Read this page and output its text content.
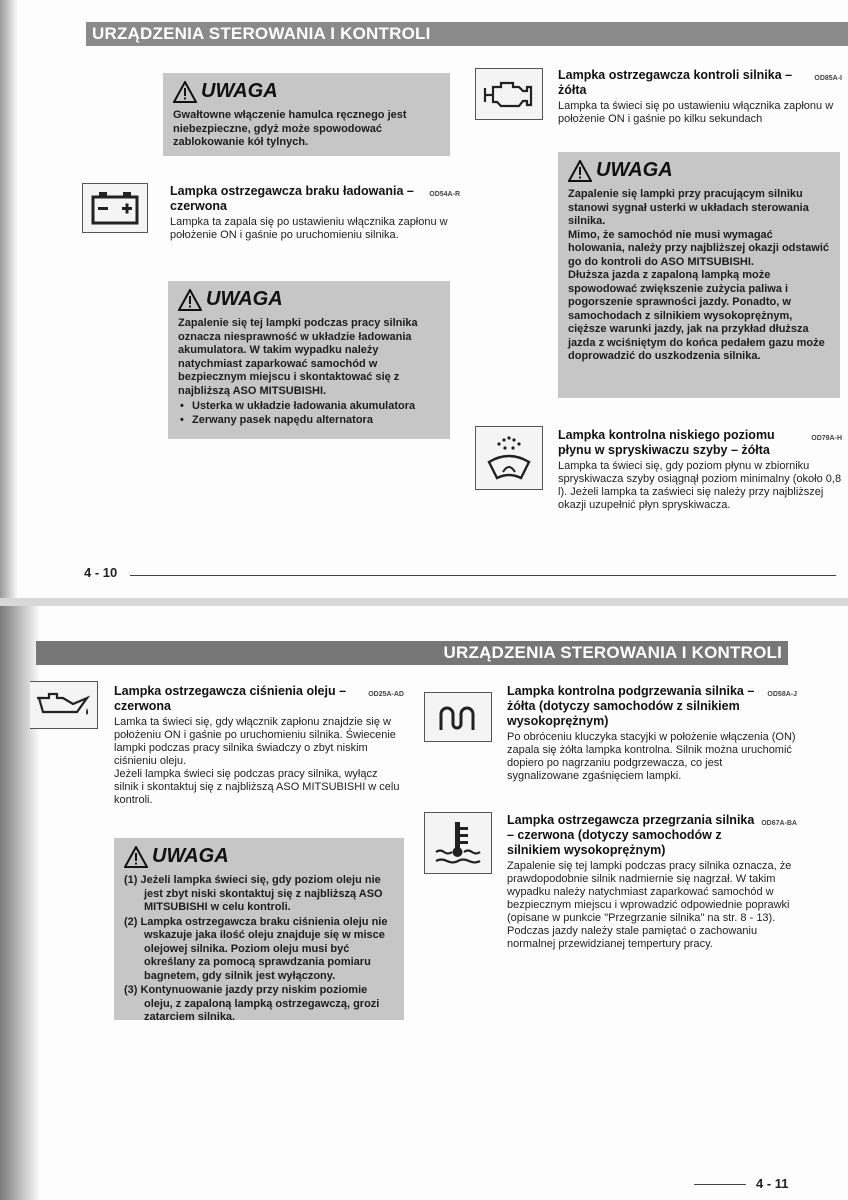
URZĄDZENIA STEROWANIA I KONTROLI
UWAGA
Gwałtowne włączenie hamulca ręcznego jest niebezpieczne, gdyż może spowodować zablokowanie kół tylnych.
OD54A-R
Lampka ostrzegawcza braku ładowania – czerwona

Lampka ta zapala się po ustawieniu włącznika zapłonu w położenie ON i gaśnie po uruchomieniu silnika.

UWAGA
Zapalenie się tej lampki podczas pracy silnika oznacza niesprawność w układzie ładowania akumulatora. W takim wypadku należy natychmiast zaparkować samochód w bezpiecznym miejscu i skontaktować się z najbliższą ASO MITSUBISHI.
• Usterka w układzie ładowania akumulatora
• Zerwany pasek napędu alternatora
OD85A-I
Lampka ostrzegawcza kontroli silnika – żółta

Lampka ta świeci się po ustawieniu włącznika zapłonu w położenie ON i gaśnie po kilku sekundach

UWAGA
Zapalenie się lampki przy pracującym silniku stanowi sygnał usterki w układach sterowania silnika.
Mimo, że samochód nie musi wymagać holowania, należy przy najbliższej okazji odstawić go do kontroli do ASO MITSUBISHI.
Dłuższa jazda z zapaloną lampką może spowodować zwiększenie zużycia paliwa i pogorszenie sprawności jazdy. Ponadto, w samochodach z silnikiem wysokoprężnym, cięższe warunki jazdy, jak na przykład dłuższa jazda z wciśniętym do końca pedałem gazu może doprowadzić do uszkodzenia silnika.
OD79A-H
Lampka kontrolna niskiego poziomu płynu w spryskiwaczu szyby – żółta

Lampka ta świeci się, gdy poziom płynu w zbiorniku spryskiwacza szyby osiągnął poziom minimalny (około 0,8 l). Jeżeli lampka ta zaświeci się należy przy najbliższej okazji uzupełnić płyn spryskiwacza.

4 - 10
URZĄDZENIA STEROWANIA I KONTROLI
OD25A-AD
Lampka ostrzegawcza ciśnienia oleju – czerwona

Lamka ta świeci się, gdy włącznik zapłonu znajdzie się w położeniu ON i gaśnie po uruchomieniu silnika. Świecenie lampki podczas pracy silnika świadczy o zbyt niskim ciśnieniu oleju.
Jeżeli lampka świeci się podczas pracy silnika, wyłącz silnik i skontaktuj się z najbliższą ASO MITSUBISHI w celu kontroli.

UWAGA
(1) Jeżeli lampka świeci się, gdy poziom oleju nie jest zbyt niski skontaktuj się z najbliższą ASO MITSUBISHI w celu kontroli.
(2) Lampka ostrzegawcza braku ciśnienia oleju nie wskazuje jaka ilość oleju znajduje się w misce olejowej silnika. Poziom oleju musi być określany za pomocą sprawdzania pomiaru bagnetem, gdy silnik jest wyłączony.
(3) Kontynuowanie jazdy przy niskim poziomie oleju, z zapaloną lampką ostrzegawczą, grozi zatarciem silnika.
OD58A-J
Lampka kontrolna podgrzewania silnika – żółta (dotyczy samochodów z silnikiem wysokoprężnym)

Po obróceniu kluczyka stacyjki w położenie włączenia (ON) zapala się żółta lampka kontrolna. Silnik można uruchomić dopiero po nagrzaniu podgrzewacza, co jest sygnalizowane zgaśnięciem lampki.

OD67A-BA
Lampka ostrzegawcza przegrzania silnika – czerwona (dotyczy samochodów z silnikiem wysokoprężnym)

Zapalenie się tej lampki podczas pracy silnika oznacza, że prawdopodobnie silnik nadmiernie się nagrzał. W takim wypadku należy natychmiast zaparkować samochód w bezpiecznym miejscu i wprowadzić odpowiednie poprawki (opisane w punkcie "Przegrzanie silnika" na str. 8 - 13).
Podczas jazdy należy stale pamiętać o zachowaniu normalnej przewidzianej tempertury pracy.

4 - 11
